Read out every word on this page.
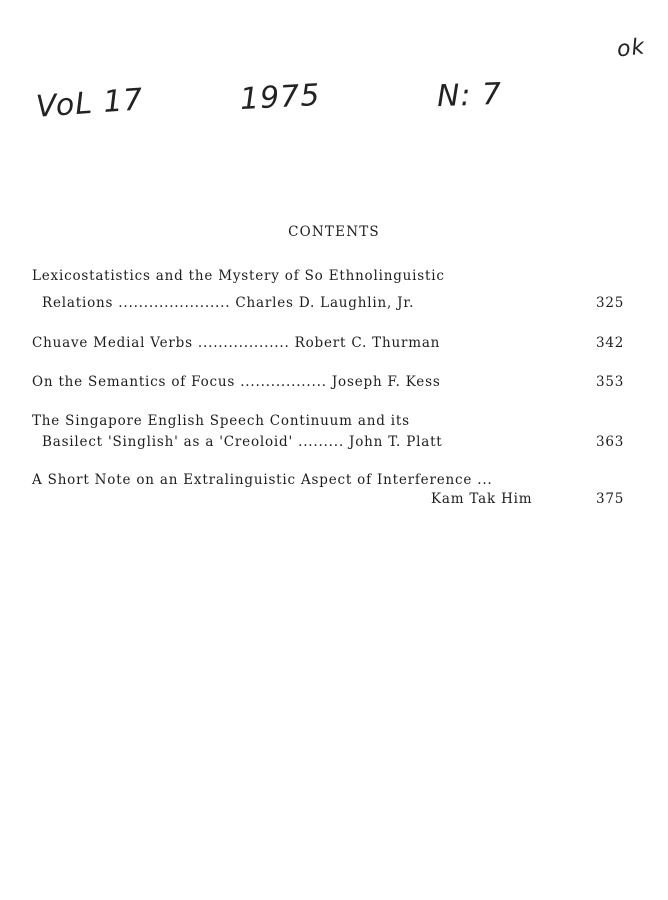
VoL 17	1975	N: 7
ok
CONTENTS
Lexicostatistics and the Mystery of So Ethnolinguistic
Relations ...................... Charles D. Laughlin, Jr.	325
Chuave Medial Verbs .................. Robert C. Thurman	342
On the Semantics of Focus ................. Joseph F. Kess	353
The Singapore English Speech Continuum and its
Basilect 'Singlish' as a 'Creoloid' ......... John T. Platt	363
A Short Note on an Extralinguistic Aspect of Interference ...
Kam Tak Him	375
